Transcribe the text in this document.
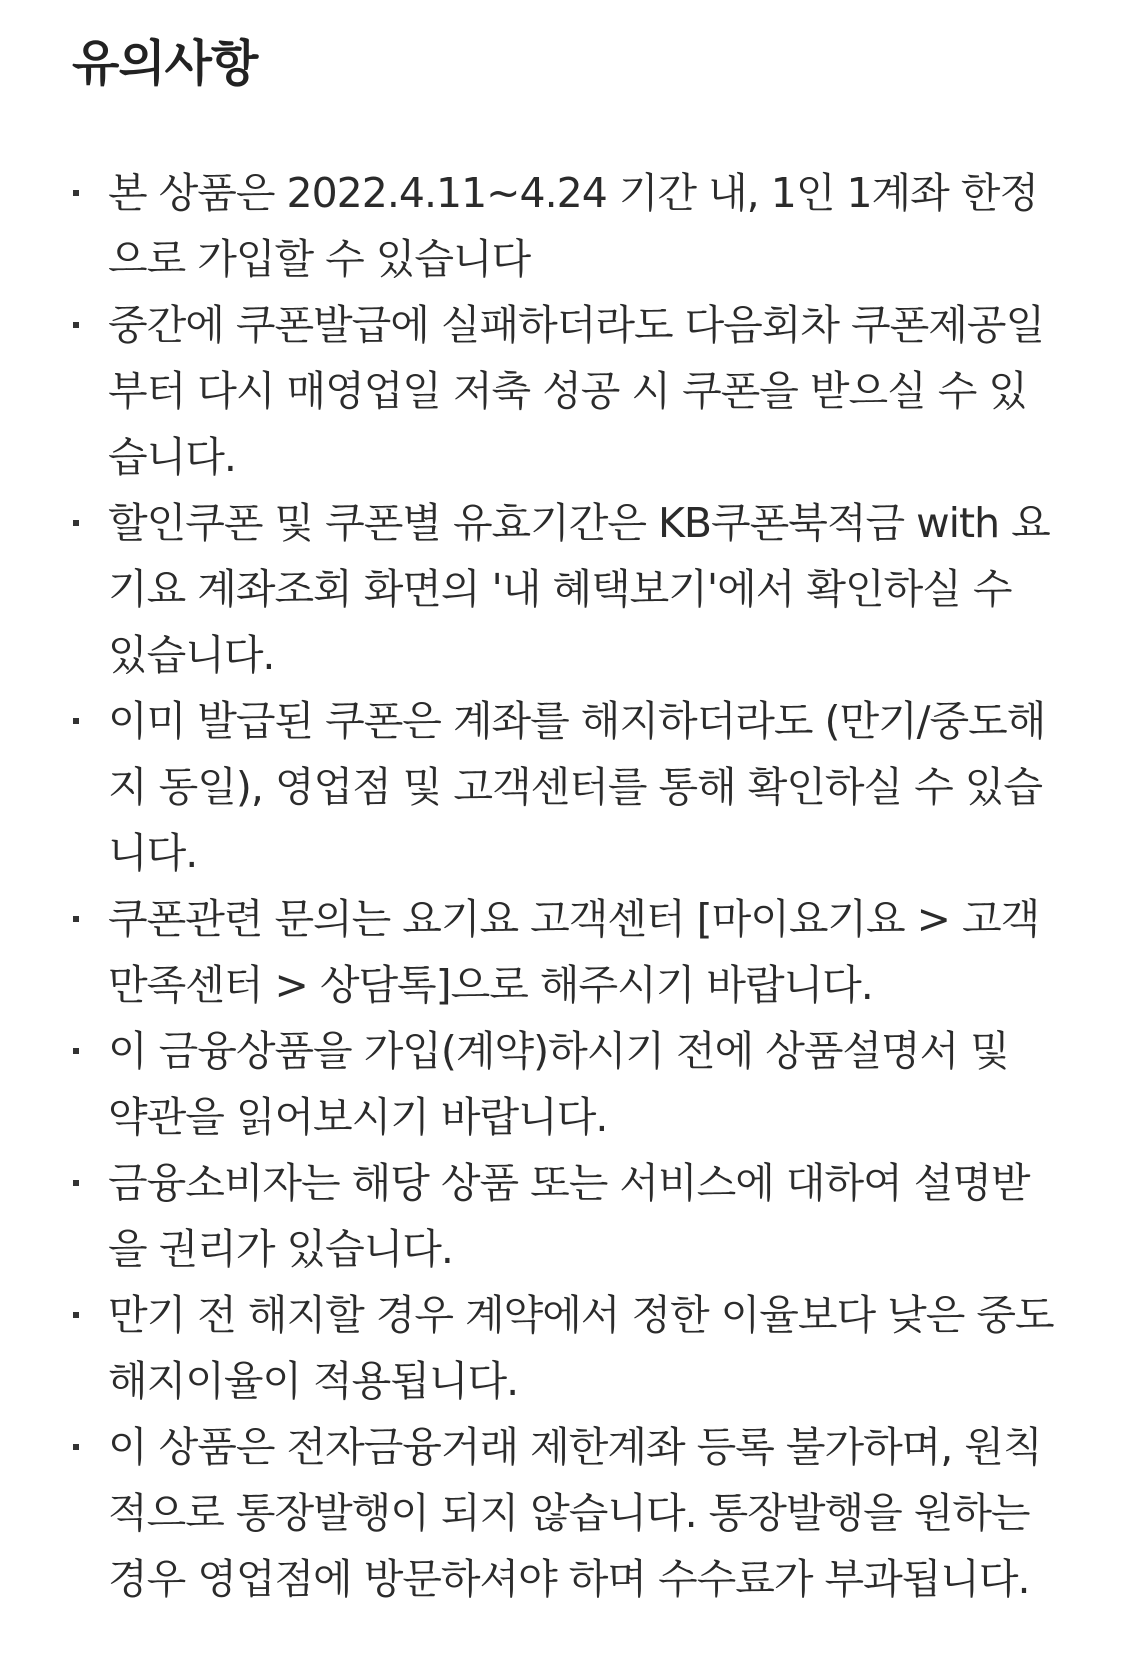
유의사항
본 상품은 2022.4.11~4.24 기간 내, 1인 1계좌 한정으로 가입할 수 있습니다
중간에 쿠폰발급에 실패하더라도 다음회차 쿠폰제공일부터 다시 매영업일 저축 성공 시 쿠폰을 받으실 수 있습니다.
할인쿠폰 및 쿠폰별 유효기간은 KB쿠폰북적금 with 요기요 계좌조회 화면의 '내 혜택보기'에서 확인하실 수 있습니다.
이미 발급된 쿠폰은 계좌를 해지하더라도 (만기/중도해지 동일), 영업점 및 고객센터를 통해 확인하실 수 있습니다.
쿠폰관련 문의는 요기요 고객센터 [마이요기요 > 고객만족센터 > 상담톡]으로 해주시기 바랍니다.
이 금융상품을 가입(계약)하시기 전에 상품설명서 및 약관을 읽어보시기 바랍니다.
금융소비자는 해당 상품 또는 서비스에 대하여 설명받을 권리가 있습니다.
만기 전 해지할 경우 계약에서 정한 이율보다 낮은 중도해지이율이 적용됩니다.
이 상품은 전자금융거래 제한계좌 등록 불가하며, 원칙적으로 통장발행이 되지 않습니다. 통장발행을 원하는 경우 영업점에 방문하셔야 하며 수수료가 부과됩니다.
